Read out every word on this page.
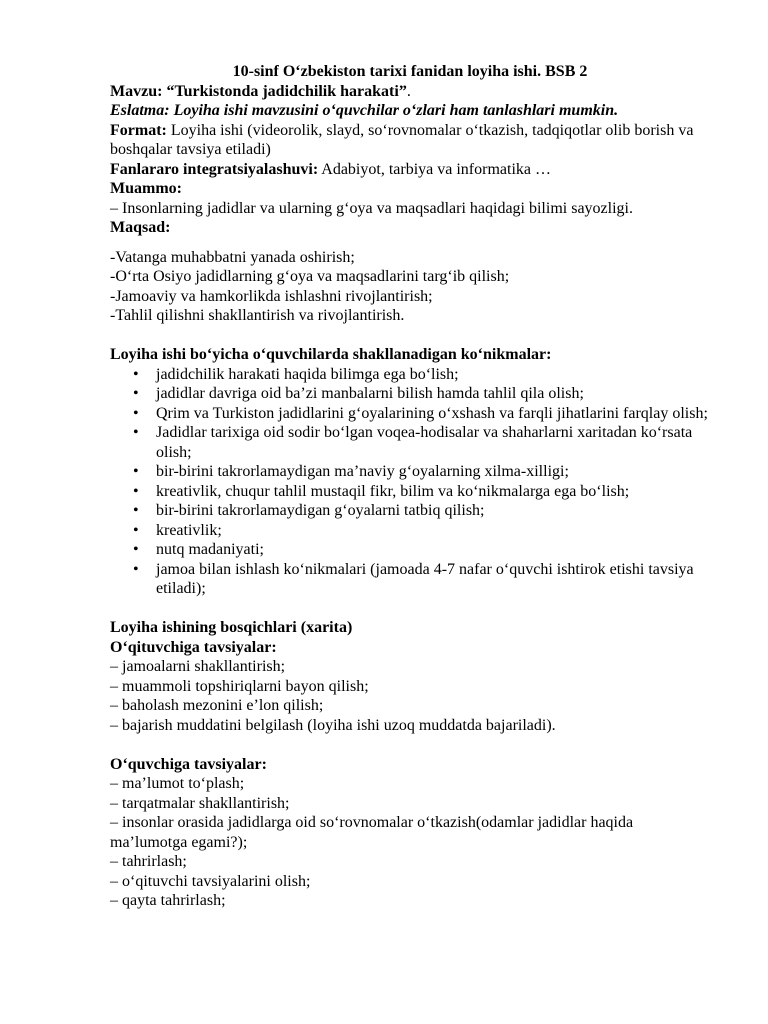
10-sinf O‘zbekiston tarixi fanidan loyiha ishi. BSB 2

Mavzu: “Turkistonda jadidchilik harakati”.

Eslatma: Loyiha ishi mavzusini o‘quvchilar o‘zlari ham tanlashlari mumkin.

Format: Loyiha ishi (videorolik, slayd, so‘rovnomalar o‘tkazish, tadqiqotlar olib borish va boshqalar tavsiya etiladi)

Fanlararo integratsiyalashuvi: Adabiyot, tarbiya va informatika …

Muammo:

– Insonlarning jadidlar va ularning g‘oya va maqsadlari haqidagi bilimi sayozligi.

Maqsad:

-Vatanga muhabbatni yanada oshirish;

-O‘rta Osiyo jadidlarning g‘oya va maqsadlarini targ‘ib qilish;

-Jamoaviy va hamkorlikda ishlashni rivojlantirish;

-Tahlil qilishni shakllantirish va rivojlantirish.

Loyiha ishi bo‘yicha o‘quvchilarda shakllanadigan ko‘nikmalar:

• jadidchilik harakati haqida bilimga ega bo‘lish;
• jadidlar davriga oid ba’zi manbalarni bilish hamda tahlil qila olish;
• Qrim va Turkiston jadidlarini g‘oyalarining o‘xshash va farqli jihatlarini farqlay olish;
• Jadidlar tarixiga oid sodir bo‘lgan voqea-hodisalar va shaharlarni xaritadan ko‘rsata olish;
• bir-birini takrorlamaydigan ma’naviy g‘oyalarning xilma-xilligi;
• kreativlik, chuqur tahlil mustaqil fikr, bilim va ko‘nikmalarga ega bo‘lish;
• bir-birini takrorlamaydigan g‘oyalarni tatbiq qilish;
• kreativlik;
• nutq madaniyati;
• jamoa bilan ishlash ko‘nikmalari (jamoada 4-7 nafar o‘quvchi ishtirok etishi tavsiya etiladi);

Loyiha ishining bosqichlari (xarita)

O‘qituvchiga tavsiyalar:

– jamoalarni shakllantirish;

– muammoli topshiriqlarni bayon qilish;

– baholash mezonini e’lon qilish;

– bajarish muddatini belgilash (loyiha ishi uzoq muddatda bajariladi).

O‘quvchiga tavsiyalar:

– ma’lumot to‘plash;

– tarqatmalar shakllantirish;

– insonlar orasida jadidlarga oid so‘rovnomalar o‘tkazish(odamlar jadidlar haqida ma’lumotga egami?);

– tahrirlash;

– o‘qituvchi tavsiyalarini olish;

– qayta tahrirlash;
